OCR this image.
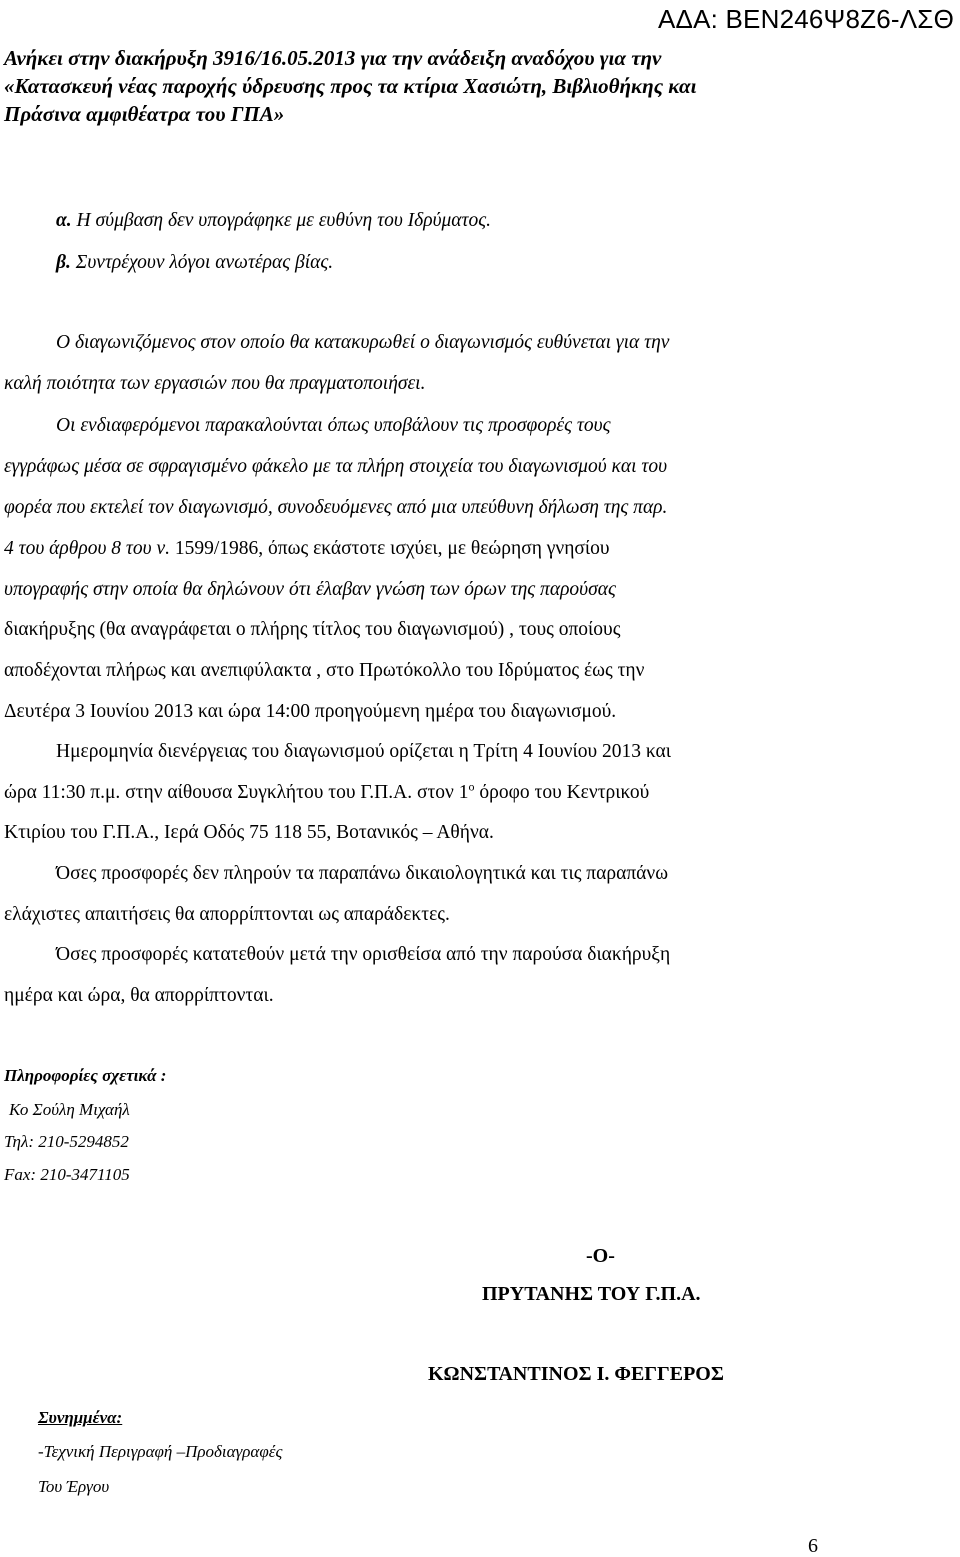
ΑΔΑ: ΒΕΝ246Ψ8Ζ6-ΛΣΘ
Ανήκει στην διακήρυξη 3916/16.05.2013 για την ανάδειξη αναδόχου για την
«Κατασκευή νέας παροχής ύδρευσης προς τα κτίρια Χασιώτη, Βιβλιοθήκης και
Πράσινα αμφιθέατρα του ΓΠΑ»
α. Η σύμβαση δεν υπογράφηκε με ευθύνη του Ιδρύματος.
β. Συντρέχουν λόγοι ανωτέρας βίας.
Ο διαγωνιζόμενος στον οποίο θα κατακυρωθεί ο διαγωνισμός ευθύνεται για την
καλή ποιότητα των εργασιών που θα πραγματοποιήσει.
Οι ενδιαφερόμενοι παρακαλούνται όπως υποβάλουν τις προσφορές τους
εγγράφως μέσα σε σφραγισμένο φάκελο με τα πλήρη στοιχεία του διαγωνισμού και του
φορέα που εκτελεί τον διαγωνισμό, συνοδευόμενες από μια υπεύθυνη δήλωση της παρ.
4 του άρθρου 8 του ν. 1599/1986, όπως εκάστοτε ισχύει, με θεώρηση γνησίου
υπογραφής στην οποία θα δηλώνουν ότι έλαβαν γνώση των όρων της παρούσας
διακήρυξης (θα αναγράφεται ο πλήρης τίτλος του διαγωνισμού) , τους οποίους
αποδέχονται πλήρως και ανεπιφύλακτα , στο Πρωτόκολλο του Ιδρύματος έως την
Δευτέρα 3 Ιουνίου 2013 και ώρα 14:00 προηγούμενη ημέρα του διαγωνισμού.
Ημερομηνία διενέργειας του διαγωνισμού ορίζεται η Τρίτη 4 Ιουνίου 2013 και
ώρα 11:30 π.μ. στην αίθουσα Συγκλήτου του Γ.Π.Α. στον $1^o$ όροφο του Κεντρικού
Κτιρίου του Γ.Π.Α., Ιερά Οδός 75 118 55, Βοτανικός – Αθήνα.
Όσες προσφορές δεν πληρούν τα παραπάνω δικαιολογητικά και τις παραπάνω
ελάχιστες απαιτήσεις θα απορρίπτονται ως απαράδεκτες.
Όσες προσφορές κατατεθούν μετά την ορισθείσα από την παρούσα διακήρυξη
ημέρα και ώρα, θα απορρίπτονται.
Πληροφορίες σχετικά :
Κο Σούλη Μιχαήλ
Τηλ: 210-5294852
Fax: 210-3471105
-Ο-
ΠΡΥΤΑΝΗΣ ΤΟΥ Γ.Π.Α.
ΚΩΝΣΤΑΝΤΙΝΟΣ Ι. ΦΕΓΓΕΡΟΣ
Συνημμένα:
-Τεχνική Περιγραφή –Προδιαγραφές
Του Έργου
6
